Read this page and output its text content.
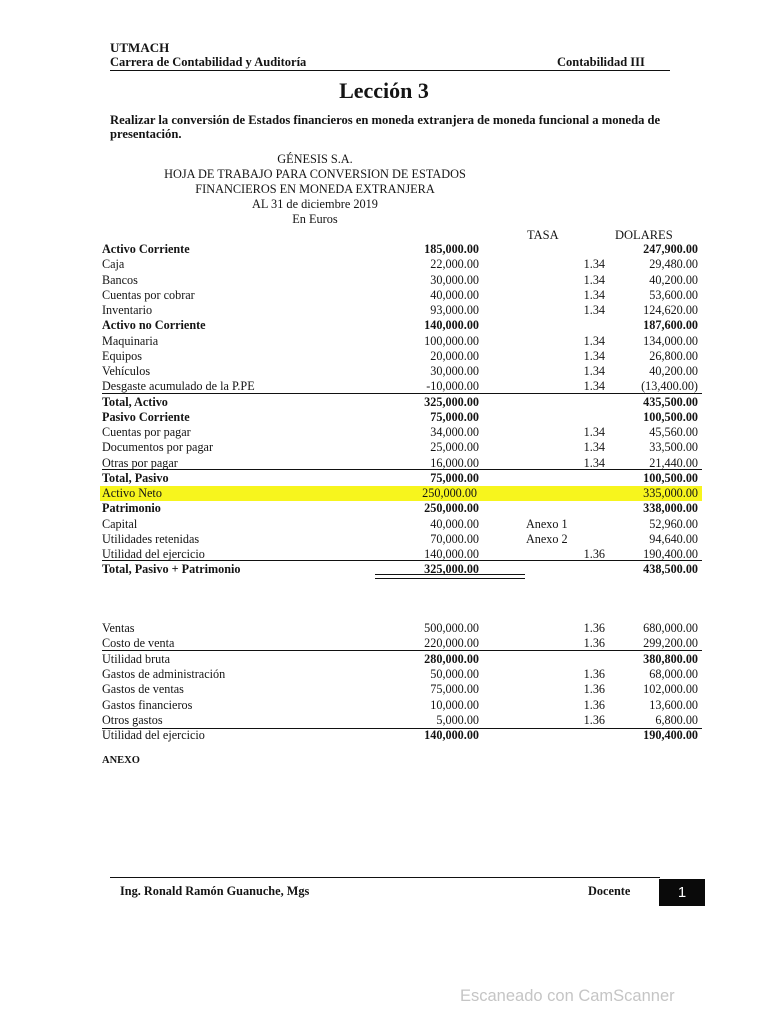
UTMACH
Carrera de Contabilidad y Auditoría	Contabilidad III
Lección 3
Realizar la conversión de Estados financieros en moneda extranjera de moneda funcional a moneda de presentación.
GÉNESIS S.A.
HOJA DE TRABAJO PARA CONVERSION DE ESTADOS
FINANCIEROS EN MONEDA EXTRANJERA
AL 31 de diciembre 2019
En Euros
TASA	DOLARES
Activo Corriente	185,000.00	247,900.00
Caja	22,000.00	1.34	29,480.00
Bancos	30,000.00	1.34	40,200.00
Cuentas por cobrar	40,000.00	1.34	53,600.00
Inventario	93,000.00	1.34	124,620.00
Activo no Corriente	140,000.00	187,600.00
Maquinaria	100,000.00	1.34	134,000.00
Equipos	20,000.00	1.34	26,800.00
Vehículos	30,000.00	1.34	40,200.00
Desgaste acumulado de la P.PE	-10,000.00	1.34	(13,400.00)
Total, Activo	325,000.00	435,500.00
Pasivo Corriente	75,000.00	100,500.00
Cuentas por pagar	34,000.00	1.34	45,560.00
Documentos por pagar	25,000.00	1.34	33,500.00
Otras por pagar	16,000.00	1.34	21,440.00
Total, Pasivo	75,000.00	100,500.00
Activo Neto	250,000.00	335,000.00
Patrimonio	250,000.00	338,000.00
Capital	40,000.00	Anexo 1	52,960.00
Utilidades retenidas	70,000.00	Anexo 2	94,640.00
Utilidad del ejercicio	140,000.00	1.36	190,400.00
Total, Pasivo + Patrimonio	325,000.00	438,500.00
Ventas	500,000.00	1.36	680,000.00
Costo de venta	220,000.00	1.36	299,200.00
Utilidad bruta	280,000.00	380,800.00
Gastos de administración	50,000.00	1.36	68,000.00
Gastos de ventas	75,000.00	1.36	102,000.00
Gastos financieros	10,000.00	1.36	13,600.00
Otros gastos	5,000.00	1.36	6,800.00
Utilidad del ejercicio	140,000.00	190,400.00
ANEXO
Ing. Ronald Ramón Guanuche, Mgs	Docente	1
Escaneado con CamScanner
